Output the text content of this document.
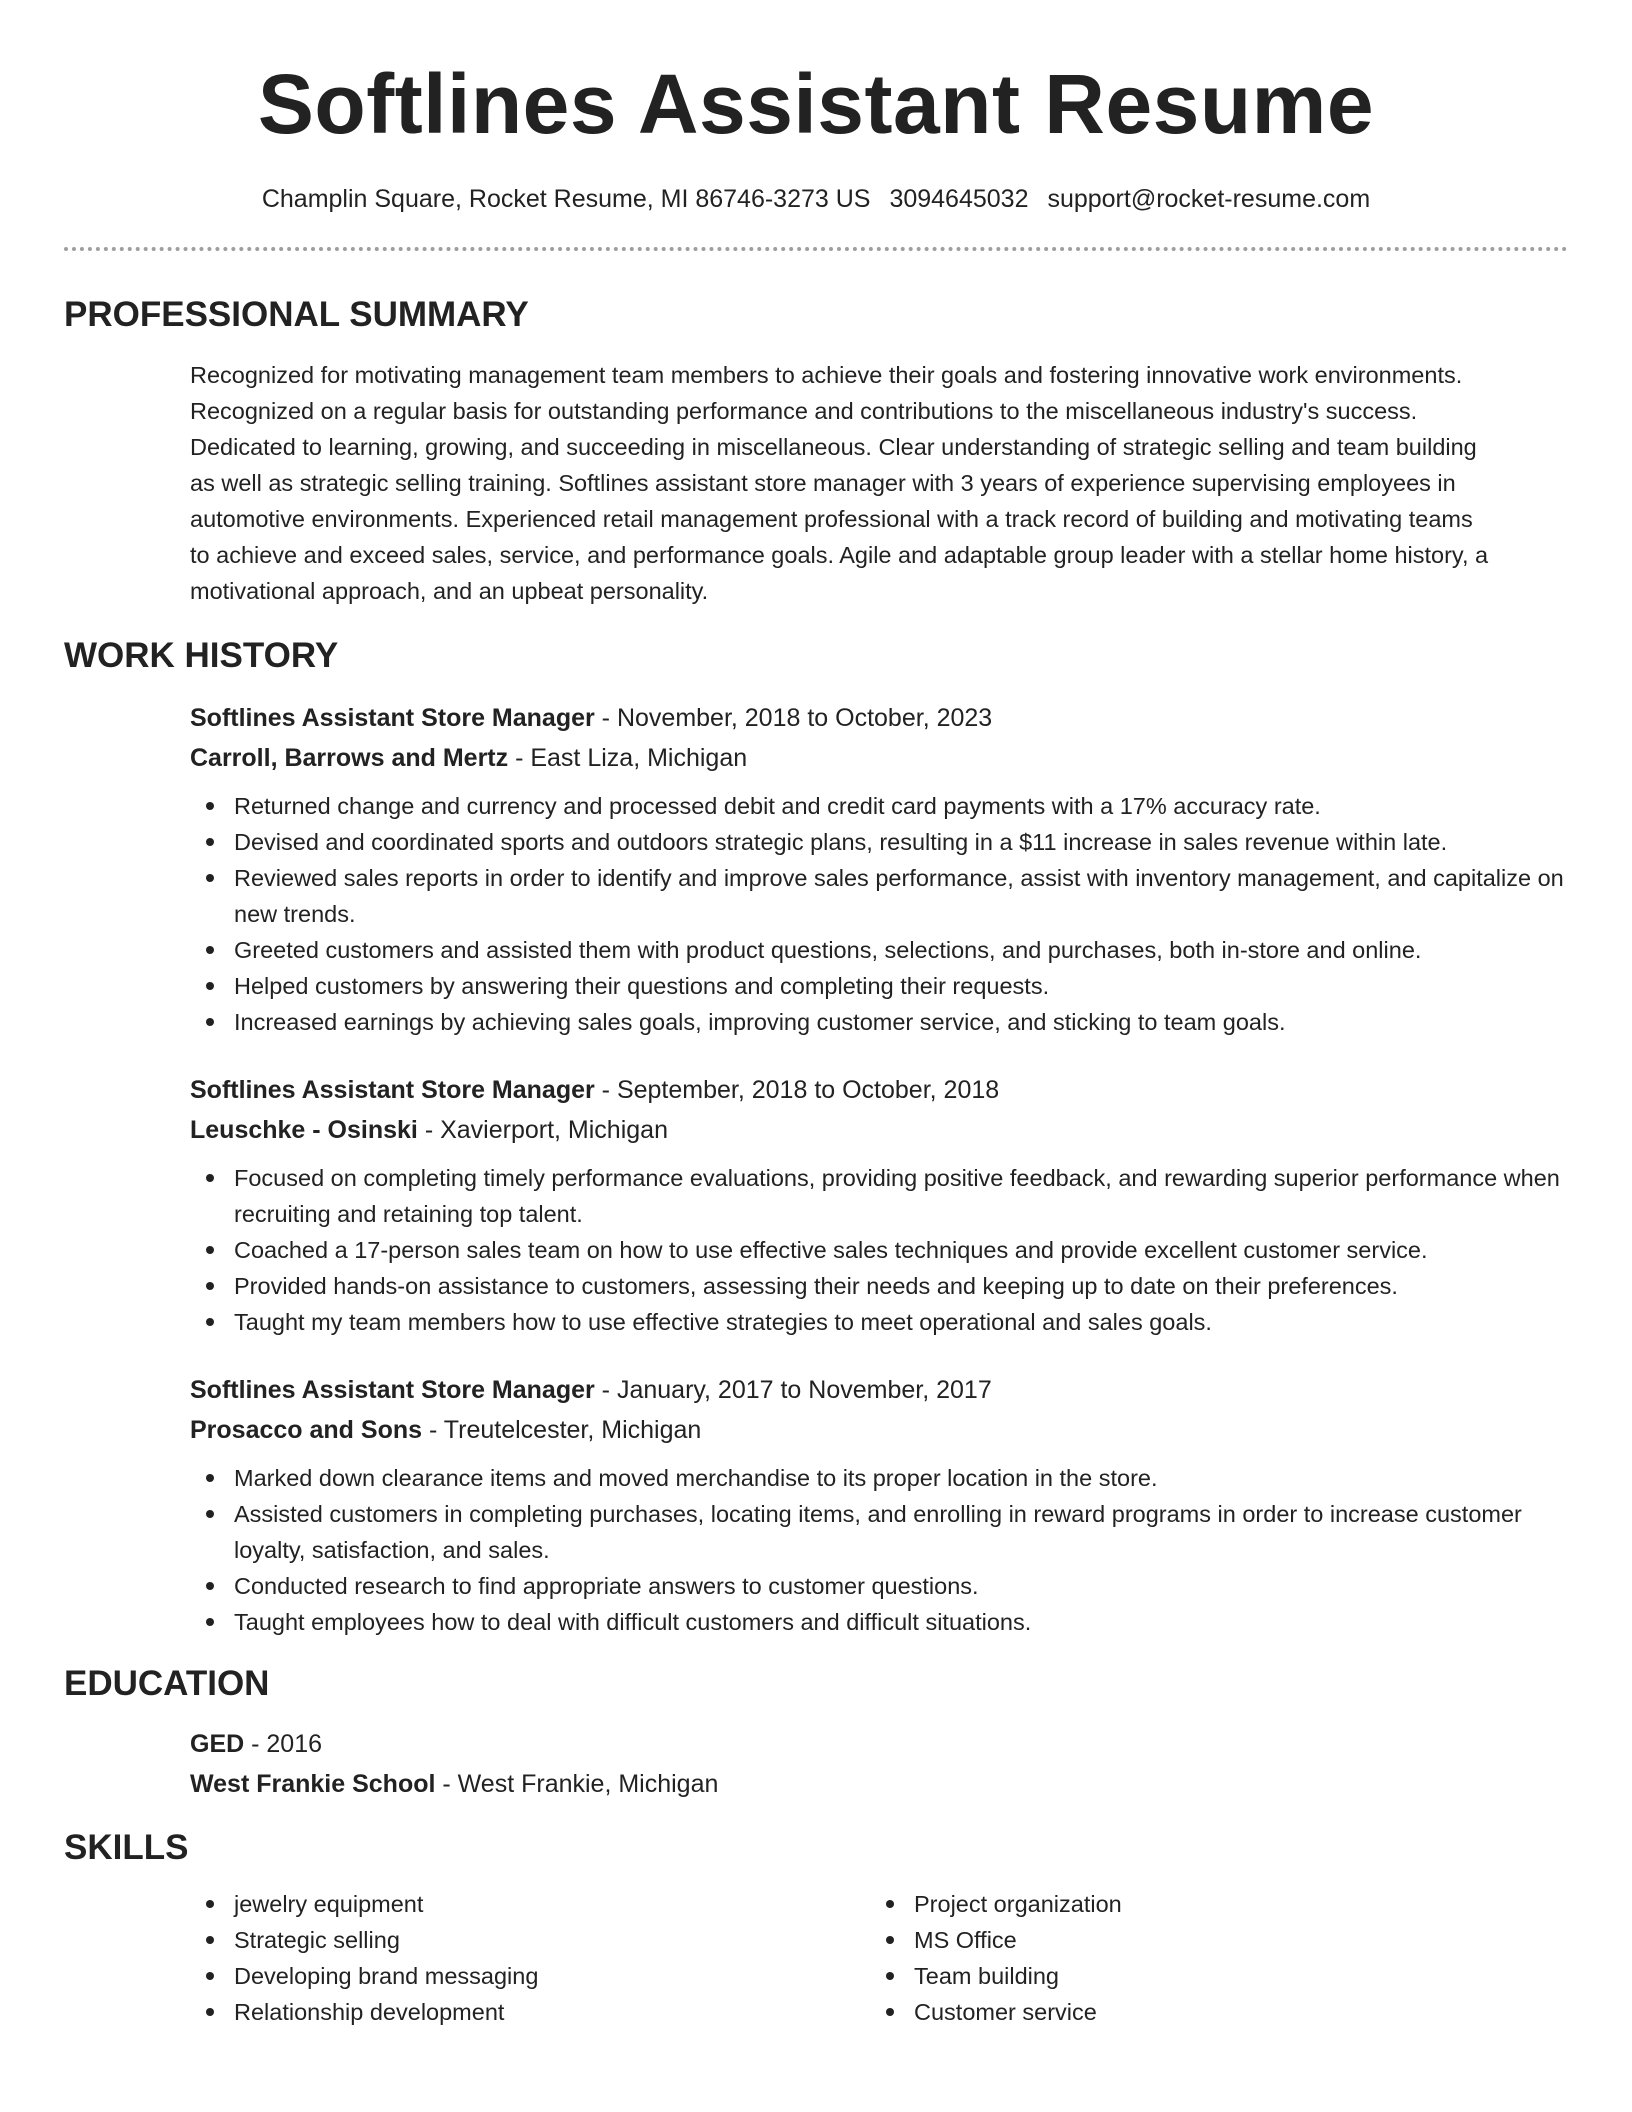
Softlines Assistant Resume
Champlin Square, Rocket Resume, MI 86746-3273 US 3094645032 support@rocket-resume.com
PROFESSIONAL SUMMARY
Recognized for motivating management team members to achieve their goals and fostering innovative work environments.
Recognized on a regular basis for outstanding performance and contributions to the miscellaneous industry's success.
Dedicated to learning, growing, and succeeding in miscellaneous. Clear understanding of strategic selling and team building
as well as strategic selling training. Softlines assistant store manager with 3 years of experience supervising employees in
automotive environments. Experienced retail management professional with a track record of building and motivating teams
to achieve and exceed sales, service, and performance goals. Agile and adaptable group leader with a stellar home history, a
motivational approach, and an upbeat personality.
WORK HISTORY
Softlines Assistant Store Manager - November, 2018 to October, 2023
Carroll, Barrows and Mertz - East Liza, Michigan
Returned change and currency and processed debit and credit card payments with a 17% accuracy rate.
Devised and coordinated sports and outdoors strategic plans, resulting in a $11 increase in sales revenue within late.
Reviewed sales reports in order to identify and improve sales performance, assist with inventory management, and capitalize on new trends.
Greeted customers and assisted them with product questions, selections, and purchases, both in-store and online.
Helped customers by answering their questions and completing their requests.
Increased earnings by achieving sales goals, improving customer service, and sticking to team goals.
Softlines Assistant Store Manager - September, 2018 to October, 2018
Leuschke - Osinski - Xavierport, Michigan
Focused on completing timely performance evaluations, providing positive feedback, and rewarding superior performance when recruiting and retaining top talent.
Coached a 17-person sales team on how to use effective sales techniques and provide excellent customer service.
Provided hands-on assistance to customers, assessing their needs and keeping up to date on their preferences.
Taught my team members how to use effective strategies to meet operational and sales goals.
Softlines Assistant Store Manager - January, 2017 to November, 2017
Prosacco and Sons - Treutelcester, Michigan
Marked down clearance items and moved merchandise to its proper location in the store.
Assisted customers in completing purchases, locating items, and enrolling in reward programs in order to increase customer loyalty, satisfaction, and sales.
Conducted research to find appropriate answers to customer questions.
Taught employees how to deal with difficult customers and difficult situations.
EDUCATION
GED - 2016
West Frankie School - West Frankie, Michigan
SKILLS
jewelry equipment
Strategic selling
Developing brand messaging
Relationship development
Project organization
MS Office
Team building
Customer service
